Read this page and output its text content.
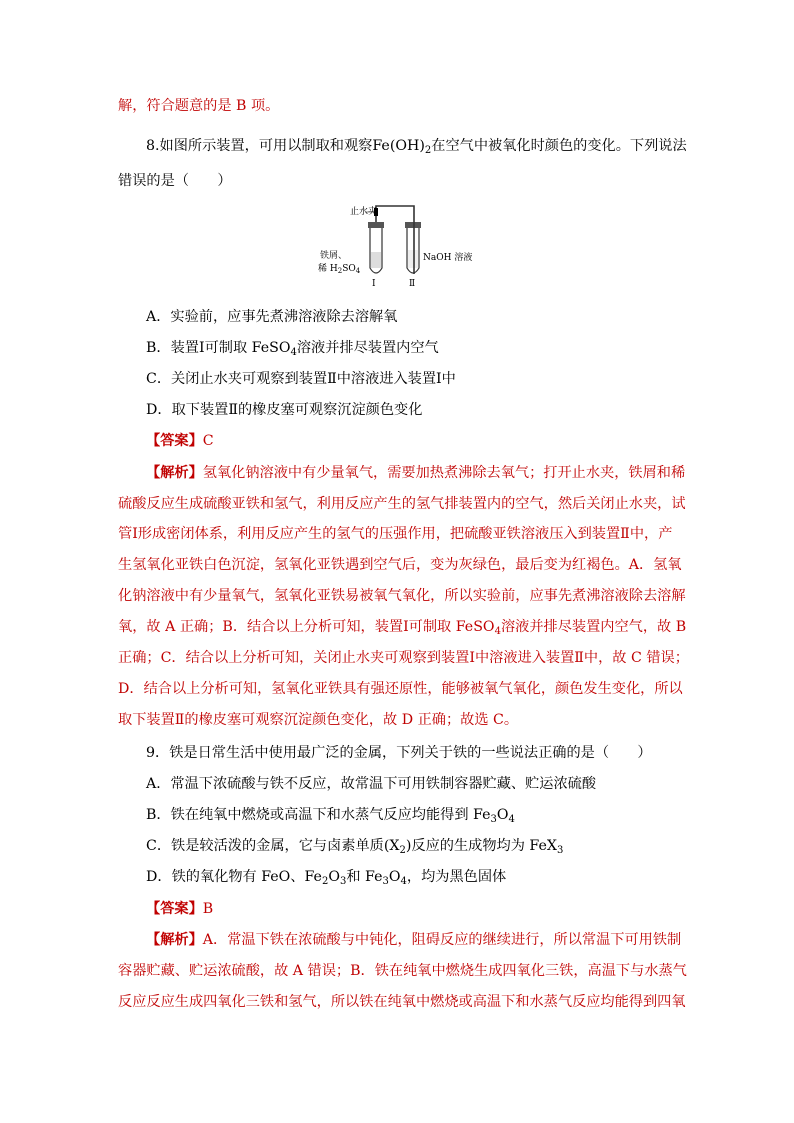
解，符合题意的是 B 项。
8.如图所示装置，可用以制取和观察$Fe(OH)_2$在空气中被氧化时颜色的变化。下列说法
错误的是（　　）
止水夹
铁屑、
稀 $H_2SO_4$
NaOH 溶液
Ⅰ	Ⅱ
A．实验前，应事先煮沸溶液除去溶解氧
B．装置Ⅰ可制取 FeSO$_4$溶液并排尽装置内空气
C．关闭止水夹可观察到装置Ⅱ中溶液进入装置Ⅰ中
D．取下装置Ⅱ的橡皮塞可观察沉淀颜色变化
【答案】C
【解析】氢氧化钠溶液中有少量氧气，需要加热煮沸除去氧气；打开止水夹，铁屑和稀
硫酸反应生成硫酸亚铁和氢气，利用反应产生的氢气排装置内的空气，然后关闭止水夹，试
管Ⅰ形成密闭体系，利用反应产生的氢气的压强作用，把硫酸亚铁溶液压入到装置Ⅱ中，产
生氢氧化亚铁白色沉淀，氢氧化亚铁遇到空气后，变为灰绿色，最后变为红褐色。A．氢氧
化钠溶液中有少量氧气，氢氧化亚铁易被氧气氧化，所以实验前，应事先煮沸溶液除去溶解
氧，故 A 正确；B．结合以上分析可知，装置Ⅰ可制取 FeSO$_4$溶液并排尽装置内空气，故 B
正确；C．结合以上分析可知，关闭止水夹可观察到装置Ⅰ中溶液进入装置Ⅱ中，故 C 错误；
D．结合以上分析可知，氢氧化亚铁具有强还原性，能够被氧气氧化，颜色发生变化，所以
取下装置Ⅱ的橡皮塞可观察沉淀颜色变化，故 D 正确；故选 C。
9．铁是日常生活中使用最广泛的金属，下列关于铁的一些说法正确的是（　　）
A．常温下浓硫酸与铁不反应，故常温下可用铁制容器贮藏、贮运浓硫酸
B．铁在纯氧中燃烧或高温下和水蒸气反应均能得到 $Fe_3O_4$
C．铁是较活泼的金属，它与卤素单质$(X_2)$反应的生成物均为 FeX$_3$
D．铁的氧化物有 FeO、$Fe_2O_3$和 $Fe_3O_4$，均为黑色固体
【答案】B
【解析】A．常温下铁在浓硫酸与中钝化，阻碍反应的继续进行，所以常温下可用铁制
容器贮藏、贮运浓硫酸，故 A 错误；B．铁在纯氧中燃烧生成四氧化三铁，高温下与水蒸气
反应反应生成四氧化三铁和氢气，所以铁在纯氧中燃烧或高温下和水蒸气反应均能得到四氧
